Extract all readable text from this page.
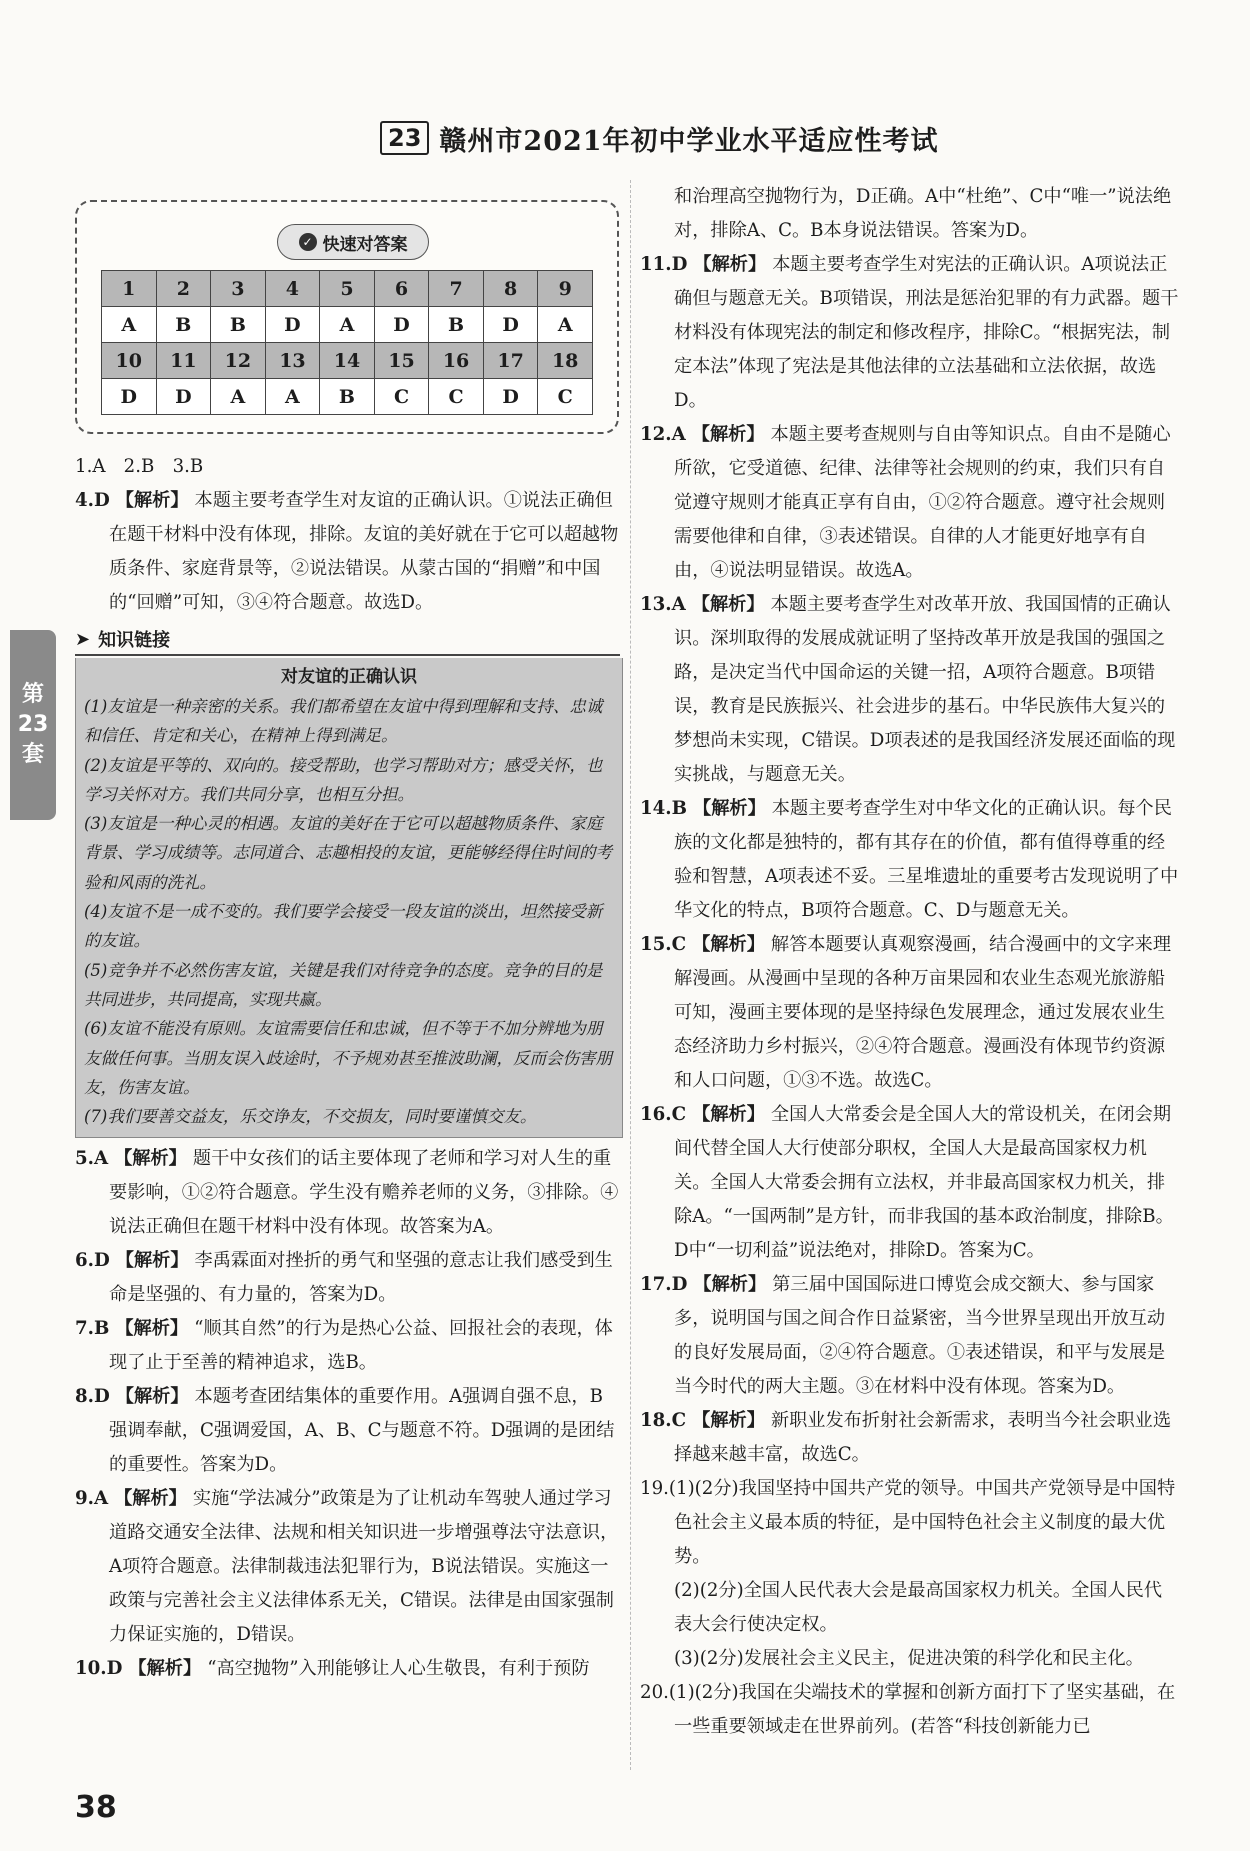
23 赣州市2021年初中学业水平适应性考试
第
23
套
✓ 快速对答案
1	2	3	4	5	6	7	8	9
A	B	B	D	A	D	B	D	A
10	11	12	13	14	15	16	17	18
D	D	A	A	B	C	C	D	C

1.A　2.B　3.B

4.D 【解析】 本题主要考查学生对友谊的正确认识。①说法正确但在题干材料中没有体现，排除。友谊的美好就在于它可以超越物质条件、家庭背景等，②说法错误。从蒙古国的“捐赠”和中国的“回赠”可知，③④符合题意。故选D。

➤ 知识链接
对友谊的正确认识

(1)友谊是一种亲密的关系。我们都希望在友谊中得到理解和支持、忠诚和信任、肯定和关心，在精神上得到满足。

(2)友谊是平等的、双向的。接受帮助，也学习帮助对方；感受关怀，也学习关怀对方。我们共同分享，也相互分担。

(3)友谊是一种心灵的相遇。友谊的美好在于它可以超越物质条件、家庭背景、学习成绩等。志同道合、志趣相投的友谊，更能够经得住时间的考验和风雨的洗礼。

(4)友谊不是一成不变的。我们要学会接受一段友谊的淡出，坦然接受新的友谊。

(5)竞争并不必然伤害友谊，关键是我们对待竞争的态度。竞争的目的是共同进步，共同提高，实现共赢。

(6)友谊不能没有原则。友谊需要信任和忠诚，但不等于不加分辨地为朋友做任何事。当朋友误入歧途时，不予规劝甚至推波助澜，反而会伤害朋友，伤害友谊。

(7)我们要善交益友，乐交诤友，不交损友，同时要谨慎交友。

5.A 【解析】 题干中女孩们的话主要体现了老师和学习对人生的重要影响，①②符合题意。学生没有赡养老师的义务，③排除。④说法正确但在题干材料中没有体现。故答案为A。

6.D 【解析】 李禹霖面对挫折的勇气和坚强的意志让我们感受到生命是坚强的、有力量的，答案为D。

7.B 【解析】 “顺其自然”的行为是热心公益、回报社会的表现，体现了止于至善的精神追求，选B。

8.D 【解析】 本题考查团结集体的重要作用。A强调自强不息，B强调奉献，C强调爱国，A、B、C与题意不符。D强调的是团结的重要性。答案为D。

9.A 【解析】 实施“学法减分”政策是为了让机动车驾驶人通过学习道路交通安全法律、法规和相关知识进一步增强尊法守法意识，A项符合题意。法律制裁违法犯罪行为，B说法错误。实施这一政策与完善社会主义法律体系无关，C错误。法律是由国家强制力保证实施的，D错误。

10.D 【解析】 “高空抛物”入刑能够让人心生敬畏，有利于预防

和治理高空抛物行为，D正确。A中“杜绝”、C中“唯一”说法绝对，排除A、C。B本身说法错误。答案为D。

11.D 【解析】 本题主要考查学生对宪法的正确认识。A项说法正确但与题意无关。B项错误，刑法是惩治犯罪的有力武器。题干材料没有体现宪法的制定和修改程序，排除C。“根据宪法，制定本法”体现了宪法是其他法律的立法基础和立法依据，故选D。

12.A 【解析】 本题主要考查规则与自由等知识点。自由不是随心所欲，它受道德、纪律、法律等社会规则的约束，我们只有自觉遵守规则才能真正享有自由，①②符合题意。遵守社会规则需要他律和自律，③表述错误。自律的人才能更好地享有自由，④说法明显错误。故选A。

13.A 【解析】 本题主要考查学生对改革开放、我国国情的正确认识。深圳取得的发展成就证明了坚持改革开放是我国的强国之路，是决定当代中国命运的关键一招，A项符合题意。B项错误，教育是民族振兴、社会进步的基石。中华民族伟大复兴的梦想尚未实现，C错误。D项表述的是我国经济发展还面临的现实挑战，与题意无关。

14.B 【解析】 本题主要考查学生对中华文化的正确认识。每个民族的文化都是独特的，都有其存在的价值，都有值得尊重的经验和智慧，A项表述不妥。三星堆遗址的重要考古发现说明了中华文化的特点，B项符合题意。C、D与题意无关。

15.C 【解析】 解答本题要认真观察漫画，结合漫画中的文字来理解漫画。从漫画中呈现的各种万亩果园和农业生态观光旅游船可知，漫画主要体现的是坚持绿色发展理念，通过发展农业生态经济助力乡村振兴，②④符合题意。漫画没有体现节约资源和人口问题，①③不选。故选C。

16.C 【解析】 全国人大常委会是全国人大的常设机关，在闭会期间代替全国人大行使部分职权，全国人大是最高国家权力机关。全国人大常委会拥有立法权，并非最高国家权力机关，排除A。“一国两制”是方针，而非我国的基本政治制度，排除B。D中“一切利益”说法绝对，排除D。答案为C。

17.D 【解析】 第三届中国国际进口博览会成交额大、参与国家多，说明国与国之间合作日益紧密，当今世界呈现出开放互动的良好发展局面，②④符合题意。①表述错误，和平与发展是当今时代的两大主题。③在材料中没有体现。答案为D。

18.C 【解析】 新职业发布折射社会新需求，表明当今社会职业选择越来越丰富，故选C。

19.(1)(2分)我国坚持中国共产党的领导。中国共产党领导是中国特色社会主义最本质的特征，是中国特色社会主义制度的最大优势。

(2)(2分)全国人民代表大会是最高国家权力机关。全国人民代表大会行使决定权。

(3)(2分)发展社会主义民主，促进决策的科学化和民主化。

20.(1)(2分)我国在尖端技术的掌握和创新方面打下了坚实基础，在一些重要领域走在世界前列。(若答“科技创新能力已

38
